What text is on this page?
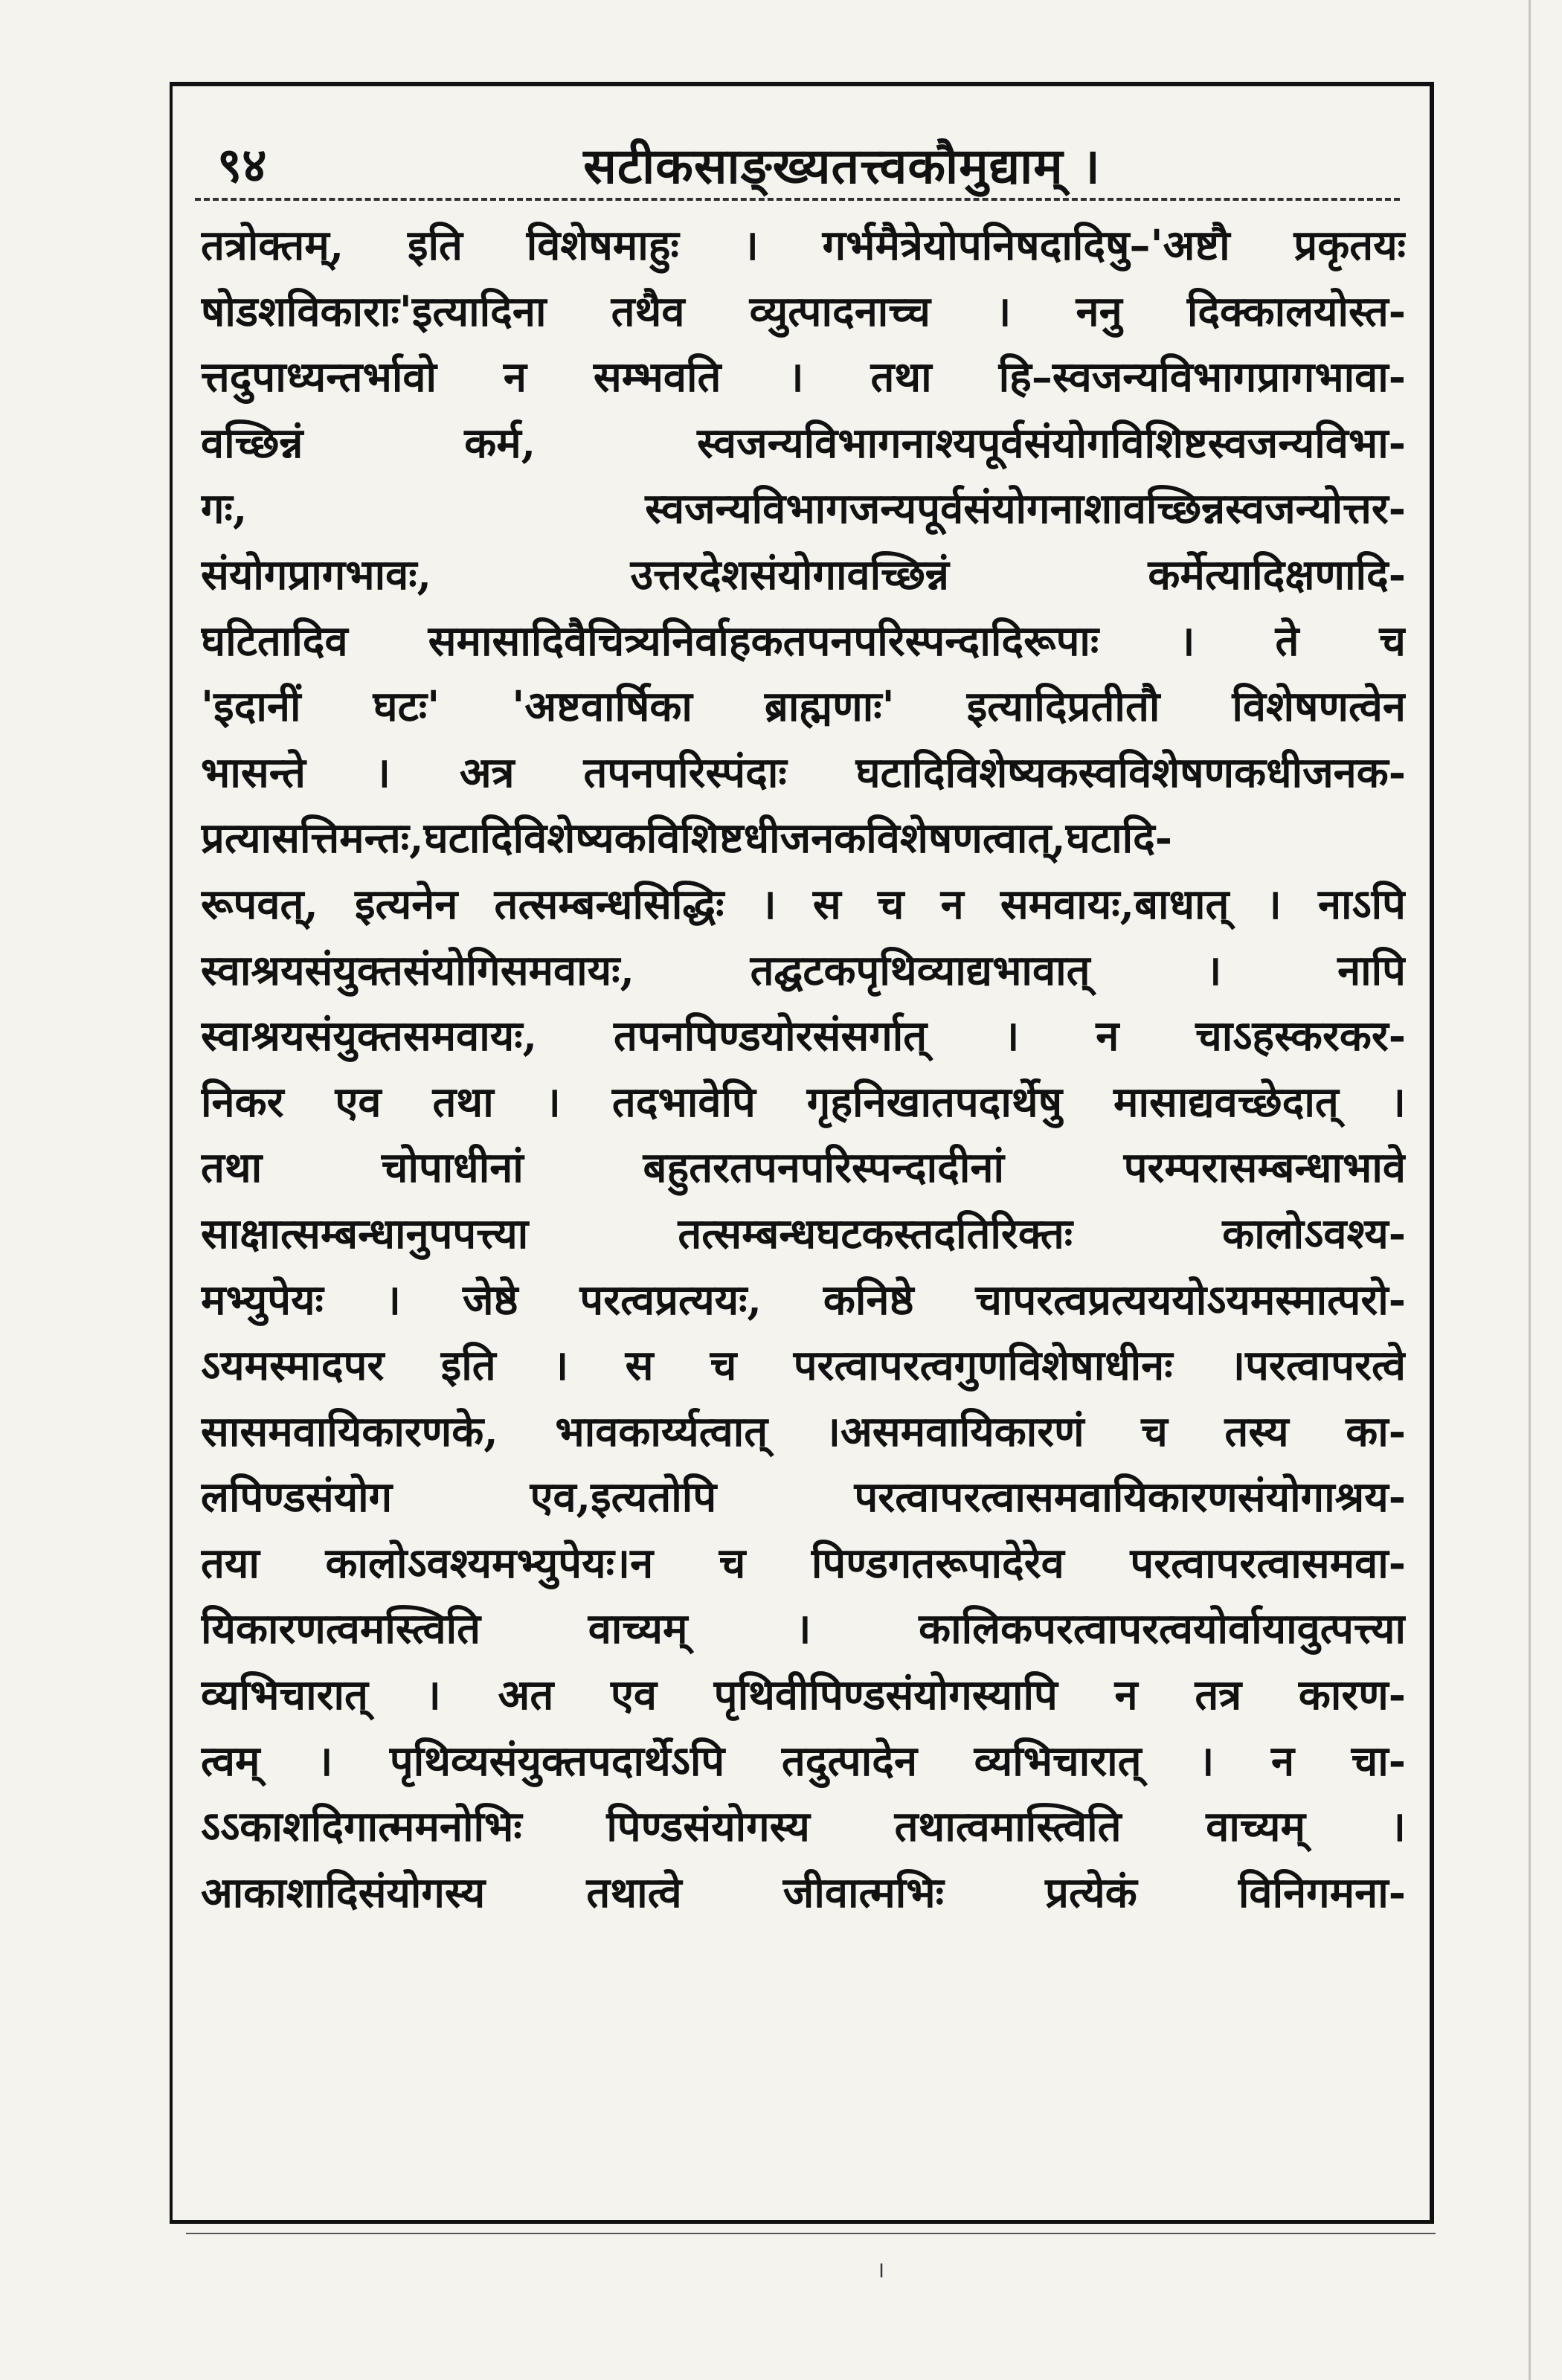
९४	सटीकसाङ्ख्यतत्त्वकौमुद्याम् ।
तत्रोक्तम्, इति विशेषमाहुः । गर्भमैत्रेयोपनिषदादिषु–'अष्टौ प्रकृतयः
षोडशविकाराः'इत्यादिना तथैव व्युत्पादनाच्च । ननु दिक्कालयोस्त-
त्तदुपाध्यन्तर्भावो न सम्भवति । तथा हि–स्वजन्यविभागप्रागभावा-
वच्छिन्नं कर्म, स्वजन्यविभागनाश्यपूर्वसंयोगविशिष्टस्वजन्यविभा-
गः, स्वजन्यविभागजन्यपूर्वसंयोगनाशावच्छिन्नस्वजन्योत्तर-
संयोगप्रागभावः, उत्तरदेशसंयोगावच्छिन्नं कर्मेत्यादिक्षणादि-
घटितादिव समासादिवैचित्र्यनिर्वाहकतपनपरिस्पन्दादिरूपाः । ते च
'इदानीं घटः' 'अष्टवार्षिका ब्राह्मणाः' इत्यादिप्रतीतौ विशेषणत्वेन
भासन्ते । अत्र तपनपरिस्पंदाः घटादिविशेष्यकस्वविशेषणकधीजनक-
प्रत्यासत्तिमन्तः,घटादिविशेष्यकविशिष्टधीजनकविशेषणत्वात्,घटादि-
रूपवत्, इत्यनेन तत्सम्बन्धसिद्धिः । स च न समवायः,बाधात् । नाऽपि
स्वाश्रयसंयुक्तसंयोगिसमवायः, तद्घटकपृथिव्याद्यभावात् । नापि
स्वाश्रयसंयुक्तसमवायः, तपनपिण्डयोरसंसर्गात् । न चाऽहस्करकर-
निकर एव तथा । तदभावेपि गृहनिखातपदार्थेषु मासाद्यवच्छेदात् ।
तथा चोपाधीनां बहुतरतपनपरिस्पन्दादीनां परम्परासम्बन्धाभावे
साक्षात्सम्बन्धानुपपत्त्या तत्सम्बन्धघटकस्तदतिरिक्तः कालोऽवश्य-
मभ्युपेयः । जेष्ठे परत्वप्रत्ययः, कनिष्ठे चापरत्वप्रत्यययोऽयमस्मात्परो-
ऽयमस्मादपर इति । स च परत्वापरत्वगुणविशेषाधीनः ।परत्वापरत्वे
सासमवायिकारणके, भावकार्य्यत्वात् ।असमवायिकारणं च तस्य का-
लपिण्डसंयोग एव,इत्यतोपि परत्वापरत्वासमवायिकारणसंयोगाश्रय-
तया कालोऽवश्यमभ्युपेयः।न च पिण्डगतरूपादेरेव परत्वापरत्वासमवा-
यिकारणत्वमस्त्विति वाच्यम् । कालिकपरत्वापरत्वयोर्वायावुत्पत्त्या
व्यभिचारात् । अत एव पृथिवीपिण्डसंयोगस्यापि न तत्र कारण-
त्वम् । पृथिव्यसंयुक्तपदार्थेऽपि तदुत्पादेन व्यभिचारात् । न चा-
ऽऽकाशदिगात्ममनोभिः पिण्डसंयोगस्य तथात्वमास्त्विति वाच्यम् ।
आकाशादिसंयोगस्य तथात्वे जीवात्मभिः प्रत्येकं विनिगमना-
।
